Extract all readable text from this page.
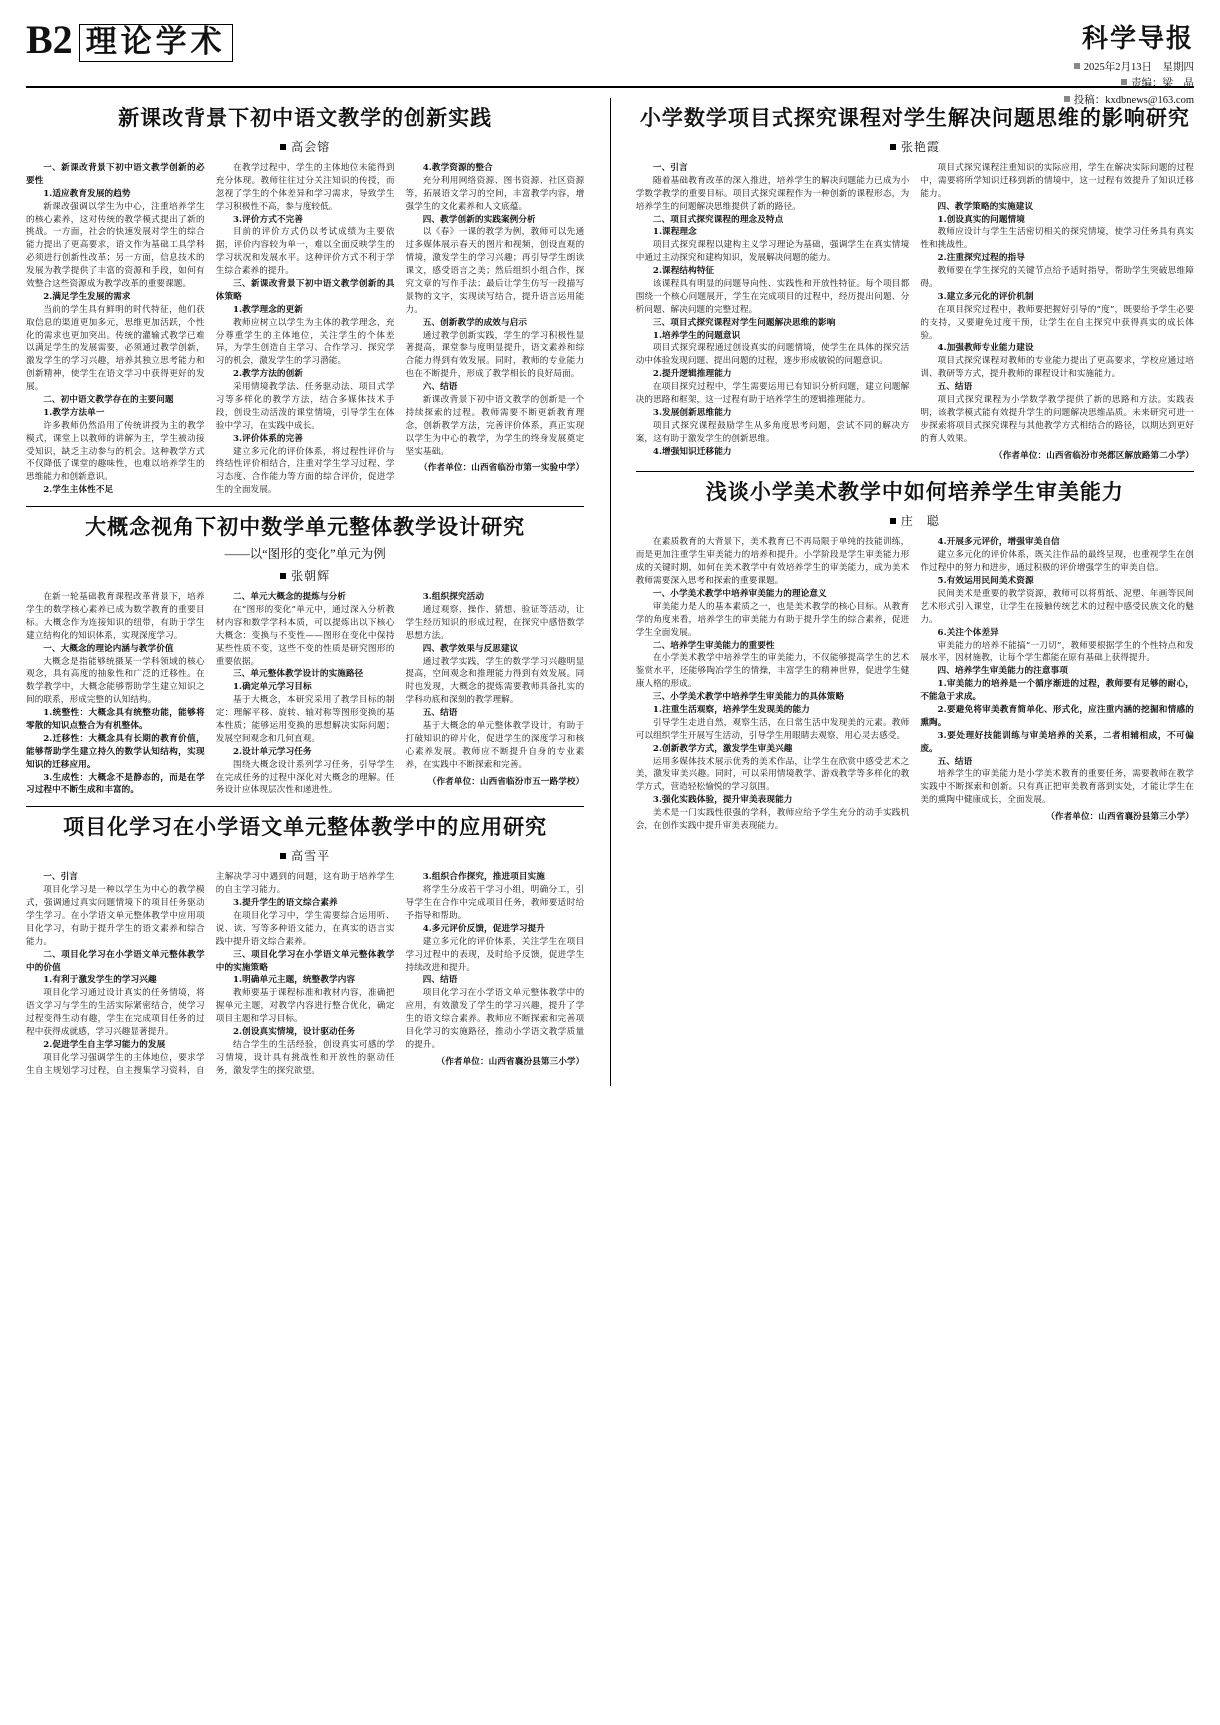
B2 理论学术	科学导报
2025年2月13日　星期四
责编：梁　晶
投稿：kxdbnews@163.com
新课改背景下初中语文教学的创新实践
高会镕

一、新课改背景下初中语文教学创新的必要性

1.适应教育发展的趋势

新课改强调以学生为中心，注重培养学生的核心素养，这对传统的教学模式提出了新的挑战。一方面，社会的快速发展对学生的综合能力提出了更高要求，语文作为基础工具学科必须进行创新性改革；另一方面，信息技术的发展为教学提供了丰富的资源和手段，如何有效整合这些资源成为教学改革的重要课题。

2.满足学生发展的需求

当前的学生具有鲜明的时代特征，他们获取信息的渠道更加多元，思维更加活跃，个性化的需求也更加突出。传统的灌输式教学已难以满足学生的发展需要，必须通过教学创新，激发学生的学习兴趣，培养其独立思考能力和创新精神，使学生在语文学习中获得更好的发展。

二、初中语文教学存在的主要问题

1.教学方法单一

许多教师仍然沿用了传统讲授为主的教学模式，课堂上以教师的讲解为主，学生被动接受知识，缺乏主动参与的机会。这种教学方式不仅降低了课堂的趣味性，也难以培养学生的思维能力和创新意识。

2.学生主体性不足

在教学过程中，学生的主体地位未能得到充分体现。教师往往过分关注知识的传授，而忽视了学生的个体差异和学习需求，导致学生学习积极性不高，参与度较低。

3.评价方式不完善

目前的评价方式仍以考试成绩为主要依据，评价内容较为单一，难以全面反映学生的学习状况和发展水平。这种评价方式不利于学生综合素养的提升。

三、新课改背景下初中语文教学创新的具体策略

1.教学理念的更新

教师应树立以学生为主体的教学理念，充分尊重学生的主体地位，关注学生的个体差异，为学生创造自主学习、合作学习、探究学习的机会，激发学生的学习潜能。

2.教学方法的创新

采用情境教学法、任务驱动法、项目式学习等多样化的教学方法，结合多媒体技术手段，创设生动活泼的课堂情境，引导学生在体验中学习，在实践中成长。

3.评价体系的完善

建立多元化的评价体系，将过程性评价与终结性评价相结合，注重对学生学习过程、学习态度、合作能力等方面的综合评价，促进学生的全面发展。

4.教学资源的整合

充分利用网络资源、图书资源、社区资源等，拓展语文学习的空间，丰富教学内容，增强学生的文化素养和人文底蕴。

四、教学创新的实践案例分析

以《春》一课的教学为例，教师可以先通过多媒体展示春天的图片和视频，创设直观的情境，激发学生的学习兴趣；再引导学生朗读课文，感受语言之美；然后组织小组合作，探究文章的写作手法；最后让学生仿写一段描写景物的文字，实现读写结合，提升语言运用能力。

五、创新教学的成效与启示

通过教学创新实践，学生的学习积极性显著提高，课堂参与度明显提升，语文素养和综合能力得到有效发展。同时，教师的专业能力也在不断提升，形成了教学相长的良好局面。

六、结语

新课改背景下初中语文教学的创新是一个持续探索的过程。教师需要不断更新教育理念，创新教学方法，完善评价体系，真正实现以学生为中心的教学，为学生的终身发展奠定坚实基础。

（作者单位：山西省临汾市第一实验中学）

大概念视角下初中数学单元整体教学设计研究
——以“图形的变化”单元为例
张朝辉

在新一轮基础教育课程改革背景下，培养学生的数学核心素养已成为数学教育的重要目标。大概念作为连接知识的纽带，有助于学生建立结构化的知识体系，实现深度学习。

一、大概念的理论内涵与教学价值

大概念是指能够统摄某一学科领域的核心观念，具有高度的抽象性和广泛的迁移性。在数学教学中，大概念能够帮助学生建立知识之间的联系，形成完整的认知结构。

1.统整性：大概念具有统整功能，能够将零散的知识点整合为有机整体。

2.迁移性：大概念具有长期的教育价值，能够帮助学生建立持久的数学认知结构，实现知识的迁移应用。

3.生成性：大概念不是静态的，而是在学习过程中不断生成和丰富的。

二、单元大概念的提炼与分析

在“图形的变化”单元中，通过深入分析教材内容和数学学科本质，可以提炼出以下核心大概念：变换与不变性——图形在变化中保持某些性质不变，这些不变的性质是研究图形的重要依据。

三、单元整体教学设计的实施路径

1.确定单元学习目标

基于大概念，本研究采用了教学目标的制定：理解平移、旋转、轴对称等图形变换的基本性质；能够运用变换的思想解决实际问题；发展空间观念和几何直观。

2.设计单元学习任务

围绕大概念设计系列学习任务，引导学生在完成任务的过程中深化对大概念的理解。任务设计应体现层次性和递进性。

3.组织探究活动

通过观察、操作、猜想、验证等活动，让学生经历知识的形成过程，在探究中感悟数学思想方法。

四、教学效果与反思建议

通过教学实践，学生的数学学习兴趣明显提高，空间观念和推理能力得到有效发展。同时也发现，大概念的提炼需要教师具备扎实的学科功底和深刻的教学理解。

五、结语

基于大概念的单元整体教学设计，有助于打破知识的碎片化，促进学生的深度学习和核心素养发展。教师应不断提升自身的专业素养，在实践中不断探索和完善。

（作者单位：山西省临汾市五一路学校）

项目化学习在小学语文单元整体教学中的应用研究
高雪平

一、引言

项目化学习是一种以学生为中心的教学模式，强调通过真实问题情境下的项目任务驱动学生学习。在小学语文单元整体教学中应用项目化学习，有助于提升学生的语文素养和综合能力。

二、项目化学习在小学语文单元整体教学中的价值

1.有利于激发学生的学习兴趣

项目化学习通过设计真实的任务情境，将语文学习与学生的生活实际紧密结合，使学习过程变得生动有趣，学生在完成项目任务的过程中获得成就感，学习兴趣显著提升。

2.促进学生自主学习能力的发展

项目化学习强调学生的主体地位，要求学生自主规划学习过程，自主搜集学习资料，自主解决学习中遇到的问题，这有助于培养学生的自主学习能力。

3.提升学生的语文综合素养

在项目化学习中，学生需要综合运用听、说、读、写等多种语文能力，在真实的语言实践中提升语文综合素养。

三、项目化学习在小学语文单元整体教学中的实施策略

1.明确单元主题，统整教学内容

教师要基于课程标准和教材内容，准确把握单元主题，对教学内容进行整合优化，确定项目主题和学习目标。

2.创设真实情境，设计驱动任务

结合学生的生活经验，创设真实可感的学习情境，设计具有挑战性和开放性的驱动任务，激发学生的探究欲望。

3.组织合作探究，推进项目实施

将学生分成若干学习小组，明确分工，引导学生在合作中完成项目任务，教师要适时给予指导和帮助。

4.多元评价反馈，促进学习提升

建立多元化的评价体系，关注学生在项目学习过程中的表现，及时给予反馈，促进学生持续改进和提升。

四、结语

项目化学习在小学语文单元整体教学中的应用，有效激发了学生的学习兴趣，提升了学生的语文综合素养。教师应不断探索和完善项目化学习的实施路径，推动小学语文教学质量的提升。

（作者单位：山西省襄汾县第三小学）

小学数学项目式探究课程对学生解决问题思维的影响研究
张艳霞

一、引言

随着基础教育改革的深入推进，培养学生的解决问题能力已成为小学数学教学的重要目标。项目式探究课程作为一种创新的课程形态，为培养学生的问题解决思维提供了新的路径。

二、项目式探究课程的理念及特点

1.课程理念

项目式探究课程以建构主义学习理论为基础，强调学生在真实情境中通过主动探究和建构知识，发展解决问题的能力。

2.课程结构特征

该课程具有明显的问题导向性、实践性和开放性特征。每个项目都围绕一个核心问题展开，学生在完成项目的过程中，经历提出问题、分析问题、解决问题的完整过程。

三、项目式探究课程对学生问题解决思维的影响

1.培养学生的问题意识

项目式探究课程通过创设真实的问题情境，使学生在具体的探究活动中体验发现问题、提出问题的过程，逐步形成敏锐的问题意识。

2.提升逻辑推理能力

在项目探究过程中，学生需要运用已有知识分析问题，建立问题解决的思路和框架，这一过程有助于培养学生的逻辑推理能力。

3.发展创新思维能力

项目式探究课程鼓励学生从多角度思考问题，尝试不同的解决方案，这有助于激发学生的创新思维。

4.增强知识迁移能力

项目式探究课程注重知识的实际应用，学生在解决实际问题的过程中，需要将所学知识迁移到新的情境中，这一过程有效提升了知识迁移能力。

四、教学策略的实施建议

1.创设真实的问题情境

教师应设计与学生生活密切相关的探究情境，使学习任务具有真实性和挑战性。

2.注重探究过程的指导

教师要在学生探究的关键节点给予适时指导，帮助学生突破思维障碍。

3.建立多元化的评价机制

在项目探究过程中，教师要把握好引导的“度”，既要给予学生必要的支持，又要避免过度干预，让学生在自主探究中获得真实的成长体验。

4.加强教师专业能力建设

项目式探究课程对教师的专业能力提出了更高要求，学校应通过培训、教研等方式，提升教师的课程设计和实施能力。

五、结语

项目式探究课程为小学数学教学提供了新的思路和方法。实践表明，该教学模式能有效提升学生的问题解决思维品质。未来研究可进一步探索将项目式探究课程与其他教学方式相结合的路径，以期达到更好的育人效果。

（作者单位：山西省临汾市尧都区解放路第二小学）

浅谈小学美术教学中如何培养学生审美能力
庄　聪

在素质教育的大背景下，美术教育已不再局限于单纯的技能训练，而是更加注重学生审美能力的培养和提升。小学阶段是学生审美能力形成的关键时期，如何在美术教学中有效培养学生的审美能力，成为美术教师需要深入思考和探索的重要课题。

一、小学美术教学中培养审美能力的理论意义

审美能力是人的基本素质之一，也是美术教学的核心目标。从教育学的角度来看，培养学生的审美能力有助于提升学生的综合素养，促进学生全面发展。

二、培养学生审美能力的重要性

在小学美术教学中培养学生的审美能力，不仅能够提高学生的艺术鉴赏水平，还能够陶冶学生的情操，丰富学生的精神世界，促进学生健康人格的形成。

三、小学美术教学中培养学生审美能力的具体策略

1.注重生活观察，培养学生发现美的能力

引导学生走进自然，观察生活，在日常生活中发现美的元素。教师可以组织学生开展写生活动，引导学生用眼睛去观察，用心灵去感受。

2.创新教学方式，激发学生审美兴趣

运用多媒体技术展示优秀的美术作品，让学生在欣赏中感受艺术之美，激发审美兴趣。同时，可以采用情境教学、游戏教学等多样化的教学方式，营造轻松愉悦的学习氛围。

3.强化实践体验，提升审美表现能力

美术是一门实践性很强的学科，教师应给予学生充分的动手实践机会，在创作实践中提升审美表现能力。

4.开展多元评价，增强审美自信

建立多元化的评价体系，既关注作品的最终呈现，也重视学生在创作过程中的努力和进步，通过积极的评价增强学生的审美自信。

5.有效运用民间美术资源

民间美术是重要的教学资源，教师可以将剪纸、泥塑、年画等民间艺术形式引入课堂，让学生在接触传统艺术的过程中感受民族文化的魅力。

6.关注个体差异

审美能力的培养不能搞“一刀切”，教师要根据学生的个性特点和发展水平，因材施教，让每个学生都能在原有基础上获得提升。

四、培养学生审美能力的注意事项

1.审美能力的培养是一个循序渐进的过程，教师要有足够的耐心，不能急于求成。

2.要避免将审美教育简单化、形式化，应注重内涵的挖掘和情感的熏陶。

3.要处理好技能训练与审美培养的关系，二者相辅相成，不可偏废。

五、结语

培养学生的审美能力是小学美术教育的重要任务，需要教师在教学实践中不断探索和创新。只有真正把审美教育落到实处，才能让学生在美的熏陶中健康成长，全面发展。

（作者单位：山西省襄汾县第三小学）
